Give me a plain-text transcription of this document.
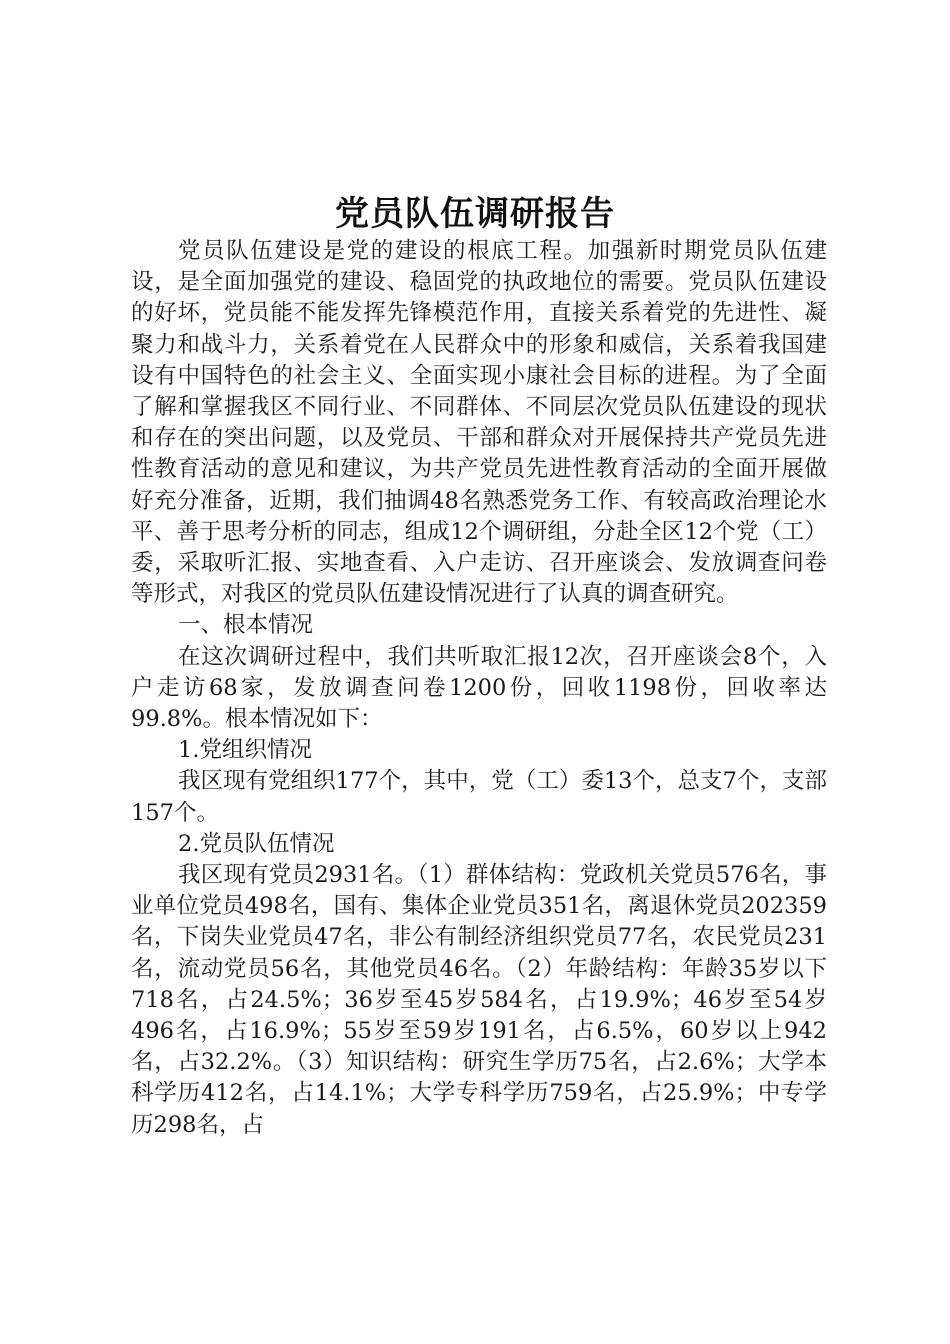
党员队伍调研报告

党员队伍建设是党的建设的根底工程。加强新时期党员队伍建设，是全面加强党的建设、稳固党的执政地位的需要。党员队伍建设的好坏，党员能不能发挥先锋模范作用，直接关系着党的先进性、凝聚力和战斗力，关系着党在人民群众中的形象和威信，关系着我国建设有中国特色的社会主义、全面实现小康社会目标的进程。为了全面了解和掌握我区不同行业、不同群体、不同层次党员队伍建设的现状和存在的突出问题，以及党员、干部和群众对开展保持共产党员先进性教育活动的意见和建议，为共产党员先进性教育活动的全面开展做好充分准备，近期，我们抽调48名熟悉党务工作、有较高政治理论水平、善于思考分析的同志，组成12个调研组，分赴全区12个党（工）委，采取听汇报、实地查看、入户走访、召开座谈会、发放调查问卷等形式，对我区的党员队伍建设情况进行了认真的调查研究。

一、根本情况

在这次调研过程中，我们共听取汇报12次，召开座谈会8个，入户走访68家，发放调查问卷1200份，回收1198份，回收率达99.8%。根本情况如下：

1.党组织情况

我区现有党组织177个，其中，党（工）委13个，总支7个，支部157个。

2.党员队伍情况

我区现有党员2931名。（1）群体结构：党政机关党员576名，事业单位党员498名，国有、集体企业党员351名，离退休党员202359名，下岗失业党员47名，非公有制经济组织党员77名，农民党员231名，流动党员56名，其他党员46名。（2）年龄结构：年龄35岁以下718名，占24.5%；36岁至45岁584名，占19.9%；46岁至54岁496名，占16.9%；55岁至59岁191名，占6.5%，60岁以上942名，占32.2%。（3）知识结构：研究生学历75名，占2.6%；大学本科学历412名，占14.1%；大学专科学历759名，占25.9%；中专学历298名，占
